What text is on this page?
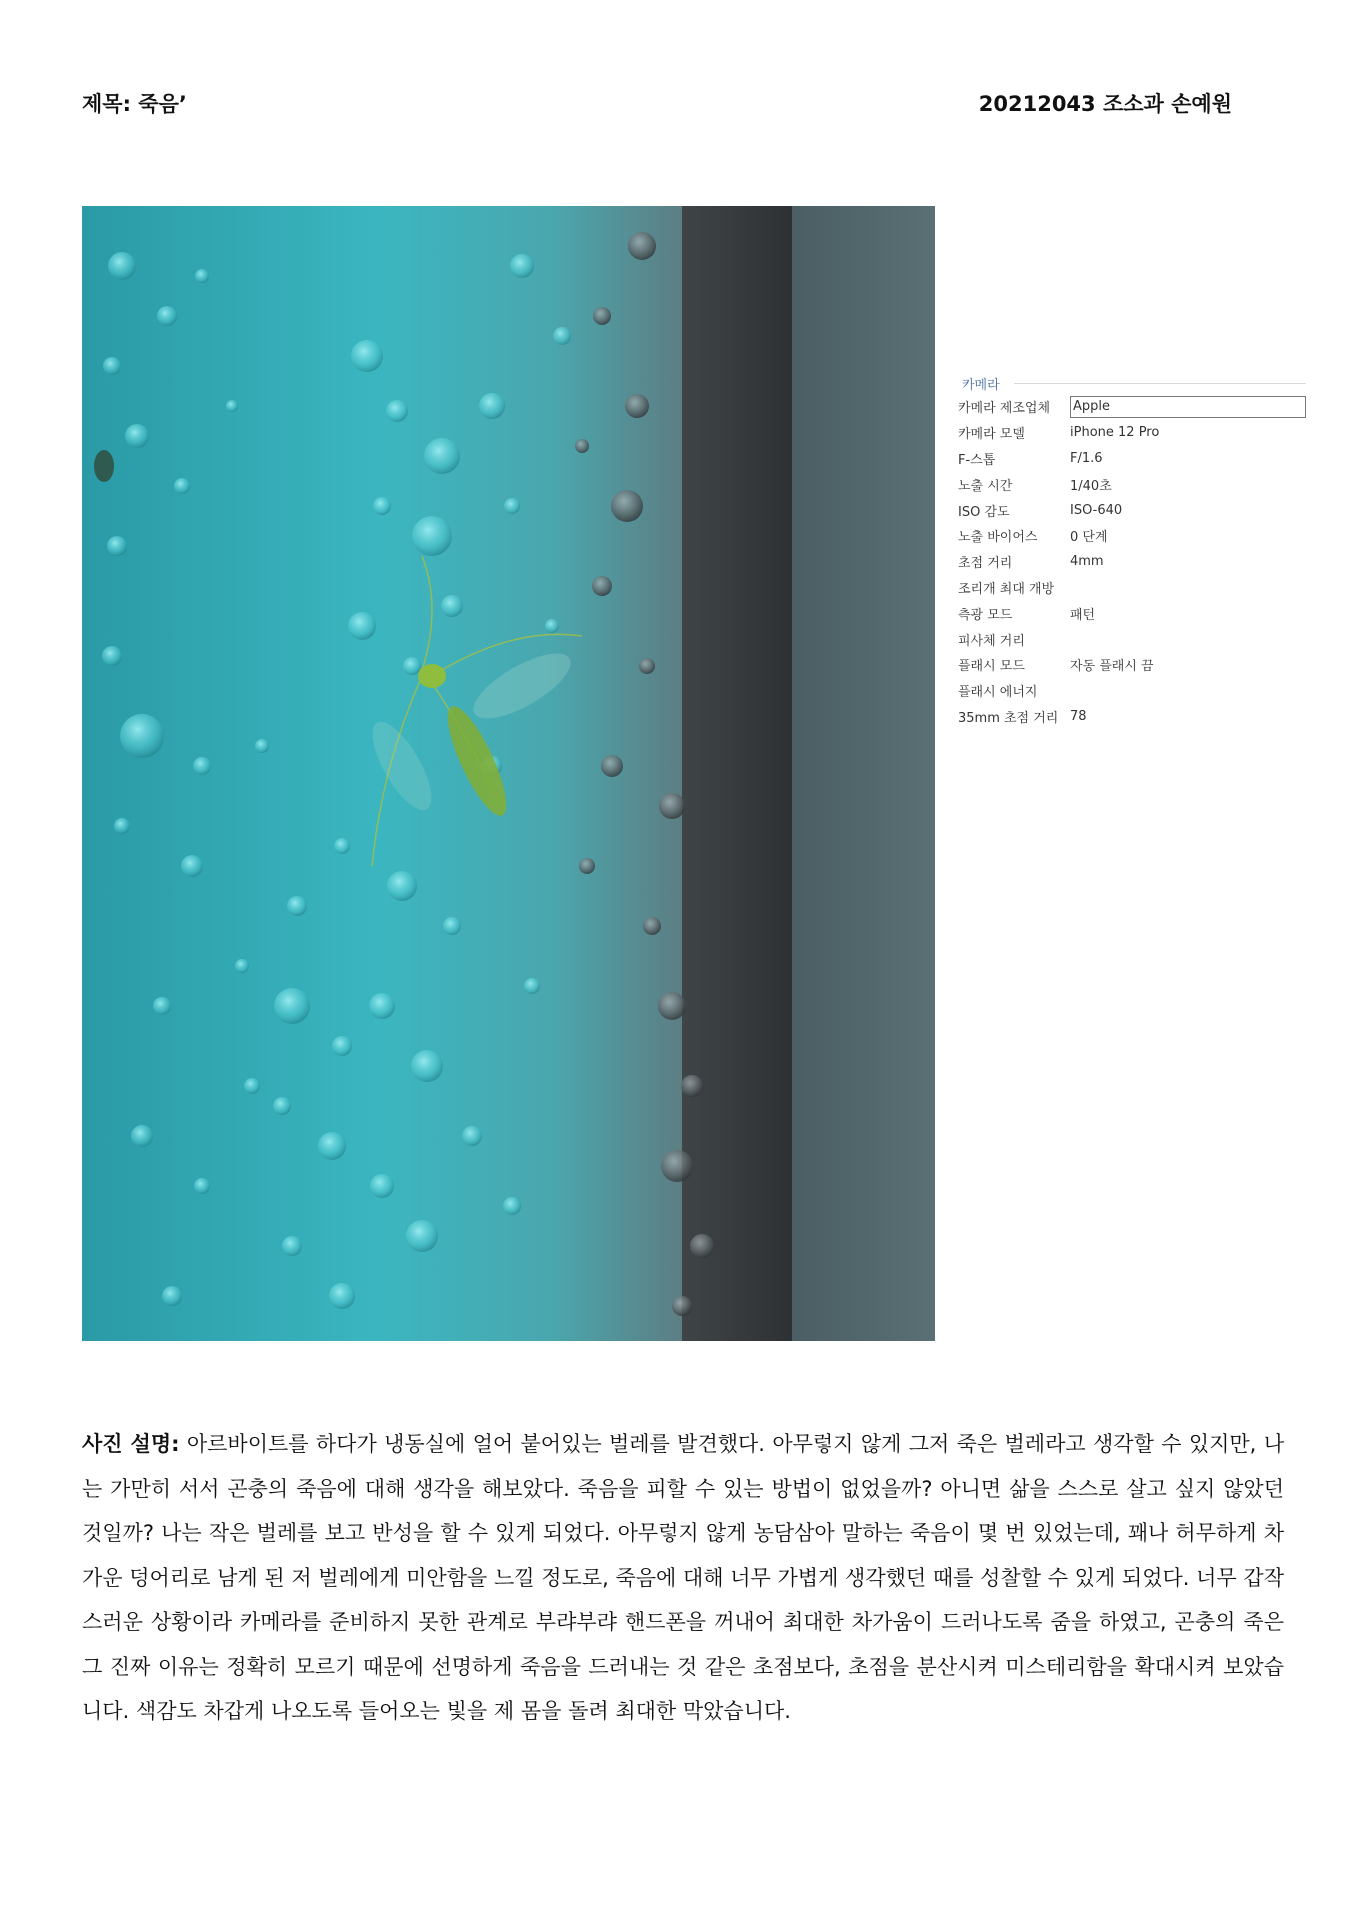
제목: 죽음’	20212043 조소과 손예원
카메라
카메라 제조업체	Apple
카메라 모델	iPhone 12 Pro
F-스톱	F/1.6
노출 시간	1/40초
ISO 감도	ISO-640
노출 바이어스	0 단계
초점 거리	4mm
조리개 최대 개방
측광 모드	패턴
피사체 거리
플래시 모드	자동 플래시 끔
플래시 에너지
35mm 초점 거리 78
사진 설명: 아르바이트를 하다가 냉동실에 얼어 붙어있는 벌레를 발견했다. 아무렇지 않게 그저 죽은 벌레라고 생각할 수 있지만, 나는 가만히 서서 곤충의 죽음에 대해 생각을 해보았다. 죽음을 피할 수 있는 방법이 없었을까? 아니면 삶을 스스로 살고 싶지 않았던 것일까? 나는 작은 벌레를 보고 반성을 할 수 있게 되었다. 아무렇지 않게 농담삼아 말하는 죽음이 몇 번 있었는데, 꽤나 허무하게 차가운 덩어리로 남게 된 저 벌레에게 미안함을 느낄 정도로, 죽음에 대해 너무 가볍게 생각했던 때를 성찰할 수 있게 되었다. 너무 갑작스러운 상황이라 카메라를 준비하지 못한 관계로 부랴부랴 핸드폰을 꺼내어 최대한 차가움이 드러나도록 줌을 하였고, 곤충의 죽은 그 진짜 이유는 정확히 모르기 때문에 선명하게 죽음을 드러내는 것 같은 초점보다, 초점을 분산시켜 미스테리함을 확대시켜 보았습니다. 색감도 차갑게 나오도록 들어오는 빛을 제 몸을 돌려 최대한 막았습니다.
